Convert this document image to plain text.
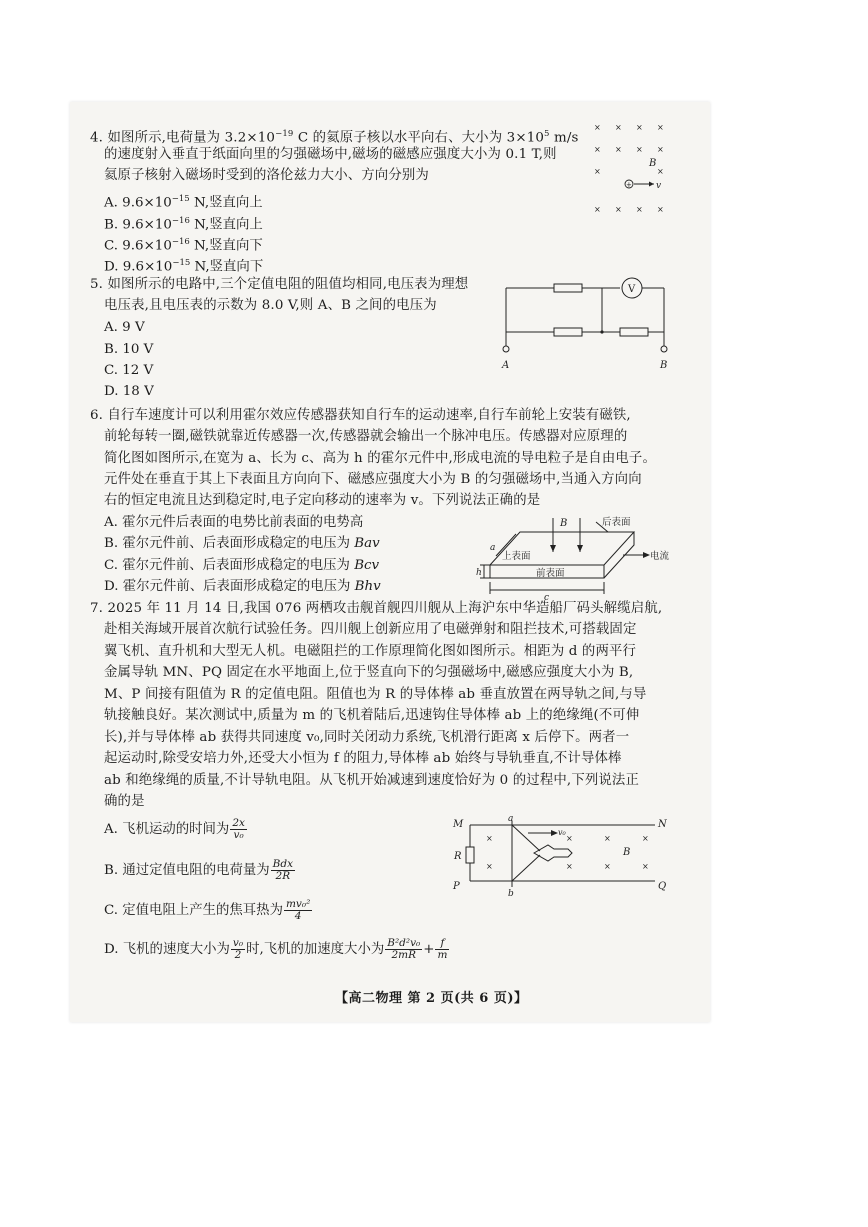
4. 如图所示,电荷量为 $3.2\times 10^{-19}$ C 的氦原子核以水平向右、大小为 $3\times 10^5$ m/s
的速度射入垂直于纸面向里的匀强磁场中,磁场的磁感应强度大小为 0.1 T,则
氦原子核射入磁场时受到的洛伦兹力大小、方向分别为
A. $9.6\times 10^{-15}$ N,竖直向上
B. $9.6\times 10^{-16}$ N,竖直向上
C. $9.6\times 10^{-16}$ N,竖直向下
D. $9.6\times 10^{-15}$ N,竖直向下
× × × ×
× × × ×
×	×
× × × ×
B
+	v
5. 如图所示的电路中,三个定值电阻的阻值均相同,电压表为理想
电压表,且电压表的示数为 8.0 V,则 A、B 之间的电压为
A. 9 V
B. 10 V
C. 12 V
D. 18 V
V
A	B
6. 自行车速度计可以利用霍尔效应传感器获知自行车的运动速率,自行车前轮上安装有磁铁,
前轮每转一圈,磁铁就靠近传感器一次,传感器就会输出一个脉冲电压。传感器对应原理的
简化图如图所示,在宽为 a、长为 c、高为 h 的霍尔元件中,形成电流的导电粒子是自由电子。
元件处在垂直于其上下表面且方向向下、磁感应强度大小为 B 的匀强磁场中,当通入方向向
右的恒定电流且达到稳定时,电子定向移动的速率为 v。下列说法正确的是
A. 霍尔元件后表面的电势比前表面的电势高
B. 霍尔元件前、后表面形成稳定的电压为 Bav
C. 霍尔元件前、后表面形成稳定的电压为 Bcv
D. 霍尔元件前、后表面形成稳定的电压为 Bhv
B	后表面
上表面
前表面
电流
a
h
c
7. 2025 年 11 月 14 日,我国 076 两栖攻击舰首舰四川舰从上海沪东中华造船厂码头解缆启航,
赴相关海域开展首次航行试验任务。四川舰上创新应用了电磁弹射和阻拦技术,可搭载固定
翼飞机、直升机和大型无人机。电磁阻拦的工作原理简化图如图所示。相距为 d 的两平行
金属导轨 MN、PQ 固定在水平地面上,位于竖直向下的匀强磁场中,磁感应强度大小为 B,
M、P 间接有阻值为 R 的定值电阻。阻值也为 R 的导体棒 ab 垂直放置在两导轨之间,与导
轨接触良好。某次测试中,质量为 m 的飞机着陆后,迅速钩住导体棒 ab 上的绝缘绳(不可伸
长),并与导体棒 ab 获得共同速度 v₀,同时关闭动力系统,飞机滑行距离 x 后停下。两者一
起运动时,除受安培力外,还受大小恒为 f 的阻力,导体棒 ab 始终与导轨垂直,不计导体棒
ab 和绝缘绳的质量,不计导轨电阻。从飞机开始减速到速度恰好为 0 的过程中,下列说法正
确的是
A. 飞机运动的时间为 $\frac{2x}{\text{v₀}}$
B. 通过定值电阻的电荷量为 $\frac{\text{Bdx}}{2R}$
C. 定值电阻上产生的焦耳热为 $\frac{\text{mv₀²}}{4}$
D. 飞机的速度大小为 $\frac{\text{v₀}}{2}$ 时,飞机的加速度大小为 $\frac{\text{B²d²v₀}}{2mR} + \frac{f}{m}$
×
×
×	×	×
×	×	×
M	N
P	Q
R
a
b
B
v₀
【高二物理 第 2 页(共 6 页)】
